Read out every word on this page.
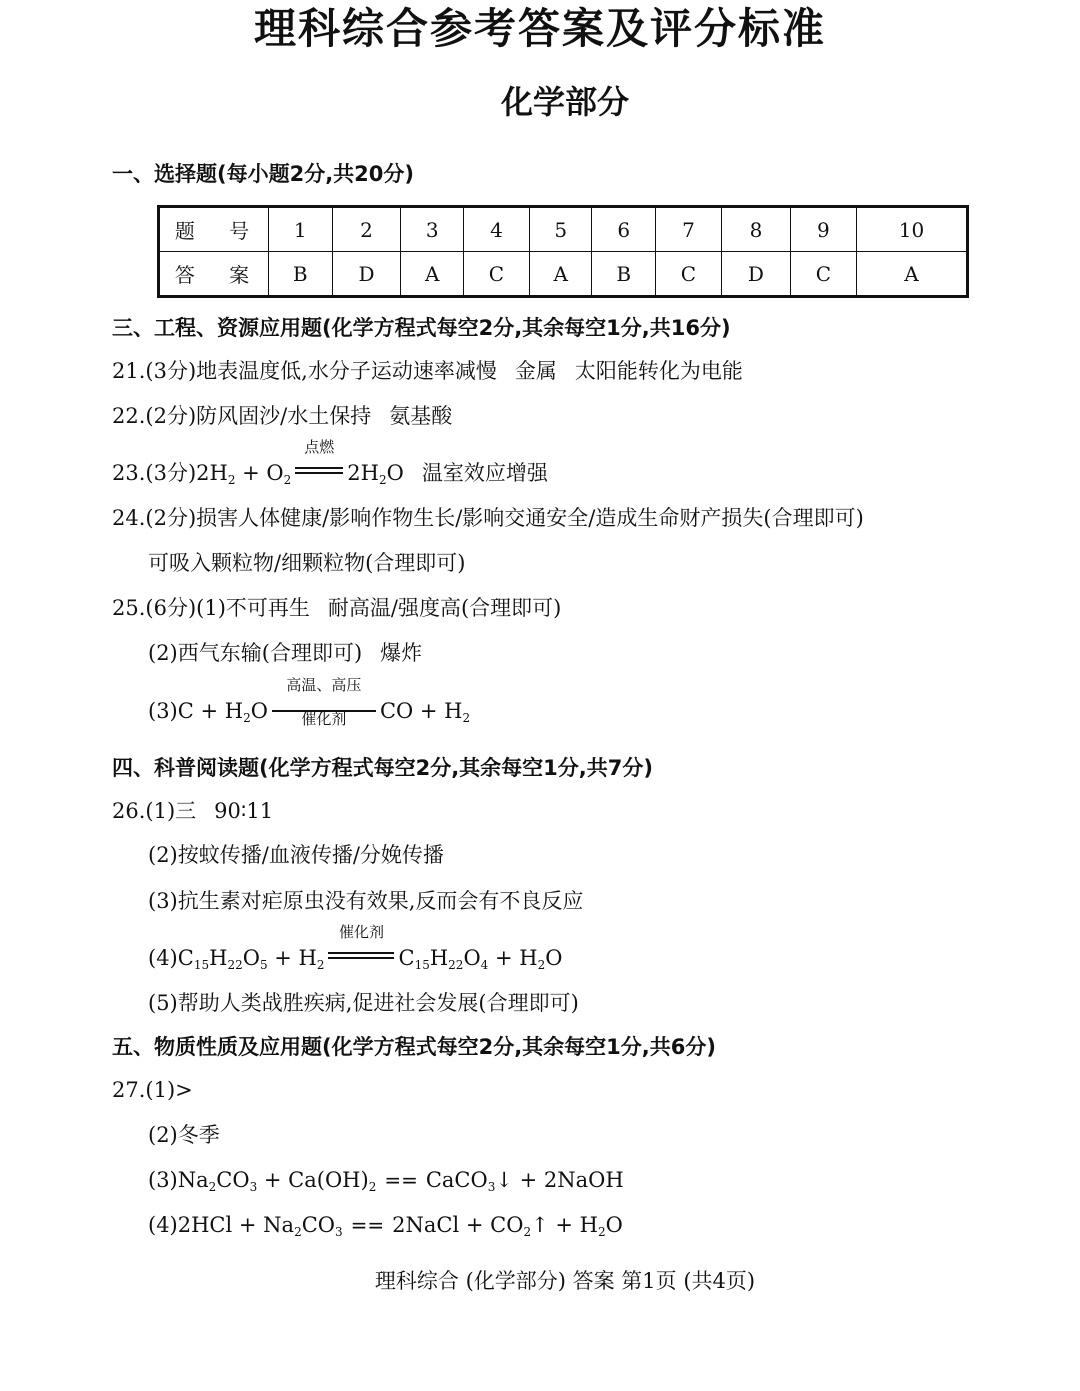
理科综合参考答案及评分标准
化学部分
一、选择题(每小题2分,共20分)
题 号	1	2	3	4	5	6	7	8	9	10
答 案	B	D	A	C	A	B	C	D	C	A
三、工程、资源应用题(化学方程式每空2分,其余每空1分,共16分)
21.(3分)地表温度低,水分子运动速率减慢 金属 太阳能转化为电能
22.(2分)防风固沙/水土保持 氨基酸
23.(3分)$2H_2 + O_2$
点燃
$2H_2O$ 温室效应增强
24.(2分)损害人体健康/影响作物生长/影响交通安全/造成生命财产损失(合理即可)
可吸入颗粒物/细颗粒物(合理即可)
25.(6分)(1)不可再生 耐高温/强度高(合理即可)
(2)西气东输(合理即可) 爆炸
$(3)C + H_2O$
高温、高压
催化剂	CO + $H_2$
四、科普阅读题(化学方程式每空2分,其余每空1分,共7分)
26.(1)三 90∶11
(2)按蚊传播/血液传播/分娩传播
(3)抗生素对疟原虫没有效果,反而会有不良反应
$(4)C_{15}H_{22}O_5 + H_2$
催化剂
$C_{15}H_{22}O_4 + H_2O$
(5)帮助人类战胜疾病,促进社会发展(合理即可)
五、物质性质及应用题(化学方程式每空2分,其余每空1分,共6分)
27.(1)>
(2)冬季
$(3)Na_2CO_3 + Ca(OH)_2$ == CaCO$_3$↓ + 2NaOH
$(4)2HCl + Na_2CO_3$ == 2NaCl + $CO_2↑ + H_2O$
理科综合 (化学部分) 答案 第1页 (共4页)
